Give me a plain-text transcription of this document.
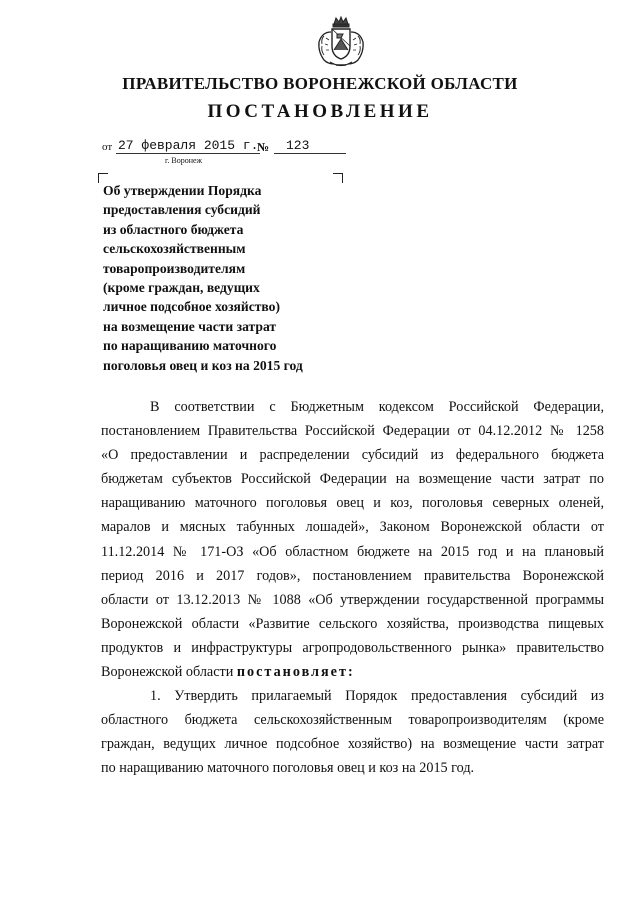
ПРАВИТЕЛЬСТВО ВОРОНЕЖСКОЙ ОБЛАСТИ
ПОСТАНОВЛЕНИЕ
от 27 февраля 2015 г.
№ 123
г. Воронеж
Об утверждении Порядка
предоставления субсидий
из областного бюджета
сельскохозяйственным
товаропроизводителям
(кроме граждан, ведущих
личное подсобное хозяйство)
на возмещение части затрат
по наращиванию маточного
поголовья овец и коз на 2015 год

В соответствии с Бюджетным кодексом Российской Федерации,
постановлением Правительства Российской Федерации от 04.12.2012 № 1258
«О предоставлении и распределении субсидий из федерального бюджета
бюджетам субъектов Российской Федерации на возмещение части затрат по
наращиванию маточного поголовья овец и коз, поголовья северных оленей,
маралов и мясных табунных лошадей», Законом Воронежской области от
11.12.2014 № 171-ОЗ «Об областном бюджете на 2015 год и на плановый
период 2016 и 2017 годов», постановлением правительства Воронежской
области от 13.12.2013 № 1088 «Об утверждении государственной программы
Воронежской области «Развитие сельского хозяйства, производства пищевых
продуктов и инфраструктуры агропродовольственного рынка» правительство
Воронежской области постановляет:

1. Утвердить прилагаемый Порядок предоставления субсидий из
областного бюджета сельскохозяйственным товаропроизводителям (кроме
граждан, ведущих личное подсобное хозяйство) на возмещение части затрат
по наращиванию маточного поголовья овец и коз на 2015 год.
